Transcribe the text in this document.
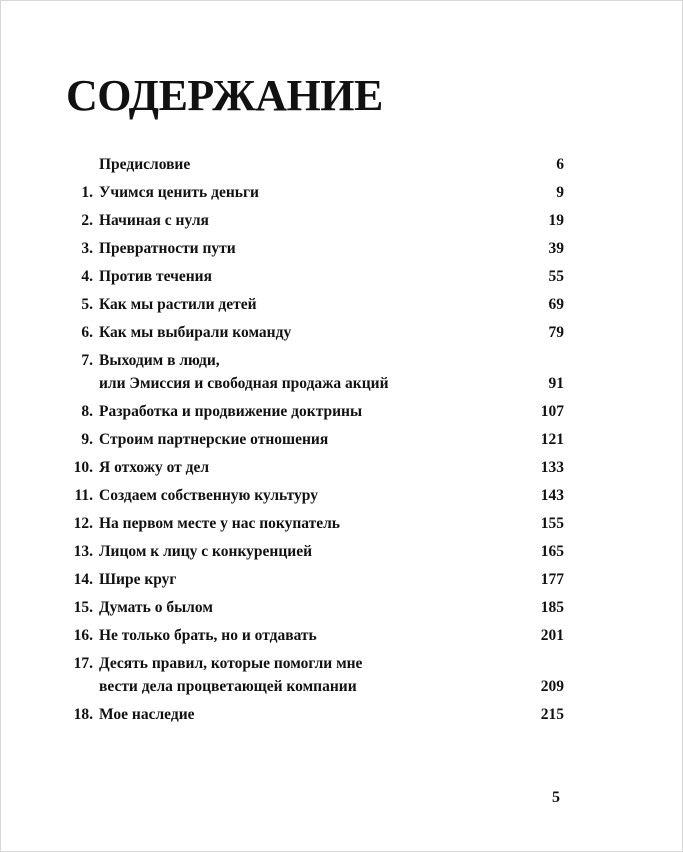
СОДЕРЖАНИЕ
Предисловие	6
1. Учимся ценить деньги	9
2. Начиная с нуля	19
3. Превратности пути	39
4. Против течения	55
5. Как мы растили детей	69
6. Как мы выбирали команду	79
7. Выходим в люди,
или Эмиссия и свободная продажа акций	91
8. Разработка и продвижение доктрины	107
9. Строим партнерские отношения	121
10. Я отхожу от дел	133
11. Создаем собственную культуру	143
12. На первом месте у нас покупатель	155
13. Лицом к лицу с конкуренцией	165
14. Шире круг	177
15. Думать о былом	185
16. Не только брать, но и отдавать	201
17. Десять правил, которые помогли мне
вести дела процветающей компании	209
18. Мое наследие	215
5
